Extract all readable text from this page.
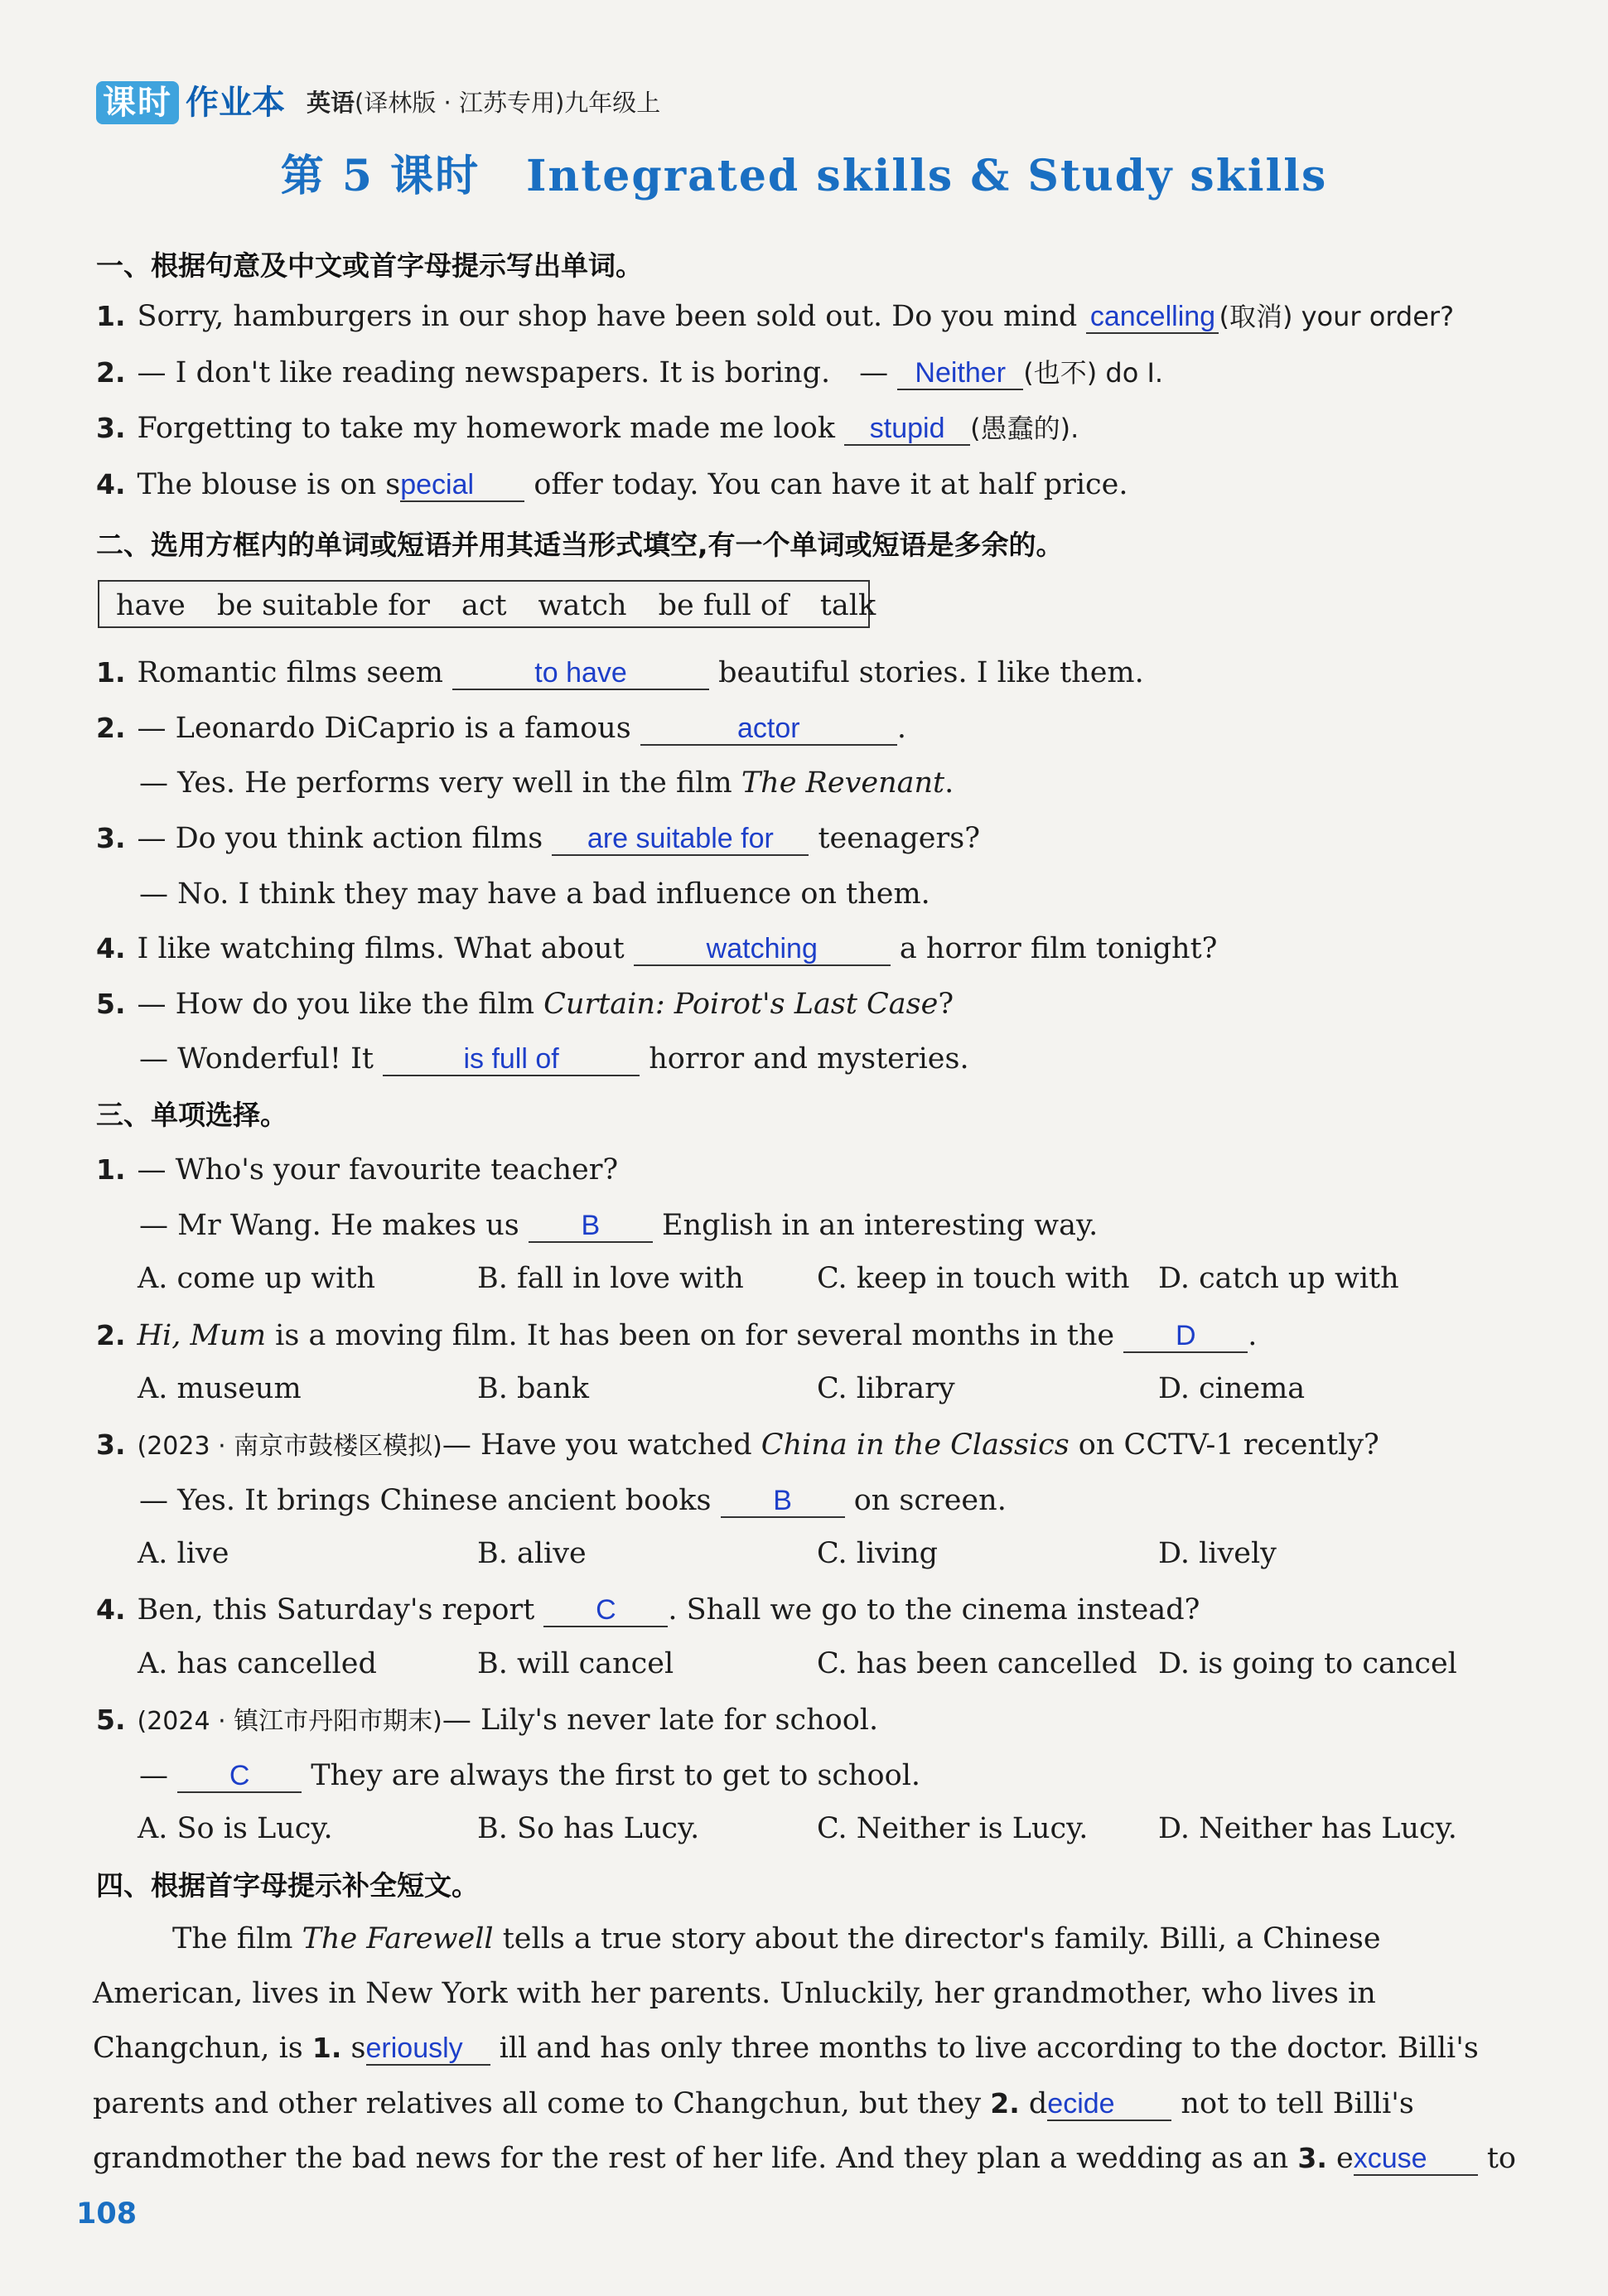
课时 作业本 英语(译林版 · 江苏专用)九年级上
第 5 课时 Integrated skills & Study skills
一、根据句意及中文或首字母提示写出单词。
1. Sorry, hamburgers in our shop have been sold out. Do you mind cancelling (取消) your order?
2. — I don't like reading newspapers. It is boring.　— Neither (也不) do I.
3. Forgetting to take my homework made me look stupid (愚蠢的).
4. The blouse is on special offer today. You can have it at half price.
二、选用方框内的单词或短语并用其适当形式填空,有一个单词或短语是多余的。
have be suitable for act watch be full of talk
1. Romantic films seem	to have	beautiful stories. I like them.
2. — Leonardo DiCaprio is a famous	actor	.
— Yes. He performs very well in the film The Revenant.
3. — Do you think action films are suitable for teenagers?
— No. I think they may have a bad influence on them.
4. I like watching films. What about	watching	a horror film tonight?
5. — How do you like the film Curtain: Poirot's Last Case?
— Wonderful! It	is full of	horror and mysteries.
三、单项选择。
1. — Who's your favourite teacher?
— Mr Wang. He makes us B English in an interesting way.
A. come up with	B. fall in love with	C. keep in touch with D. catch up with
2. Hi, Mum is a moving film. It has been on for several months in the D .
A. museum	B. bank	C. library	D. cinema
3. (2023 · 南京市鼓楼区模拟)— Have you watched China in the Classics on CCTV-1 recently?
— Yes. It brings Chinese ancient books B on screen.
A. live	B. alive	C. living	D. lively
4. Ben, this Saturday's report C . Shall we go to the cinema instead?
A. has cancelled	B. will cancel	C. has been cancelled D. is going to cancel
5. (2024 · 镇江市丹阳市期末)— Lily's never late for school.
— C They are always the first to get to school.
A. So is Lucy.	B. So has Lucy.	C. Neither is Lucy. D. Neither has Lucy.
四、根据首字母提示补全短文。
The film The Farewell tells a true story about the director's family. Billi, a Chinese
American, lives in New York with her parents. Unluckily, her grandmother, who lives in
Changchun, is 1. seriously ill and has only three months to live according to the doctor. Billi's
parents and other relatives all come to Changchun, but they 2. decide not to tell Billi's
grandmother the bad news for the rest of her life. And they plan a wedding as an 3. excuse to
108
